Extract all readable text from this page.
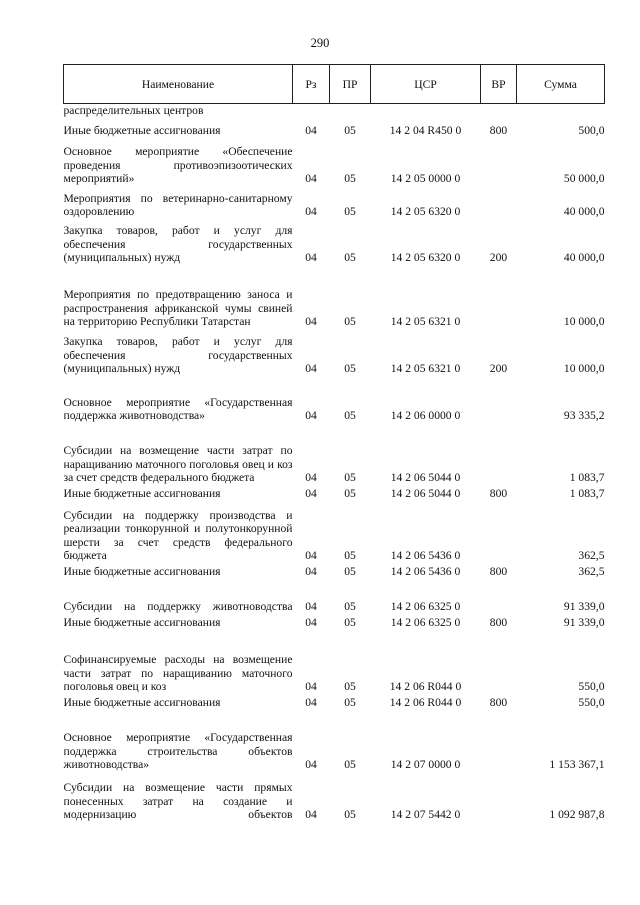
290
Наименование	Рз	ПР	ЦСР	ВР	Сумма
распределительных центров					
Иные бюджетные ассигнования	04	05	14 2 04 R450 0	800	500,0
Основное мероприятие «Обеспечение проведения противоэпизоотических мероприятий»	04	05	14 2 05 0000 0		50 000,0
Мероприятия по ветеринарно-санитарному оздоровлению	04	05	14 2 05 6320 0		40 000,0
Закупка товаров, работ и услуг для обеспечения государственных (муниципальных) нужд	04	05	14 2 05 6320 0	200	40 000,0
Мероприятия по предотвращению заноса и распространения африканской чумы свиней на территорию Республики Татарстан	04	05	14 2 05 6321 0		10 000,0
Закупка товаров, работ и услуг для обеспечения государственных (муниципальных) нужд	04	05	14 2 05 6321 0	200	10 000,0
Основное мероприятие «Государственная поддержка животноводства»	04	05	14 2 06 0000 0		93 335,2
Субсидии на возмещение части затрат по наращиванию маточного поголовья овец и коз за счет средств федерального бюджета	04	05	14 2 06 5044 0		1 083,7
Иные бюджетные ассигнования	04	05	14 2 06 5044 0	800	1 083,7
Субсидии на поддержку производства и реализации тонкорунной и полутонкорунной шерсти за счет средств федерального бюджета	04	05	14 2 06 5436 0		362,5
Иные бюджетные ассигнования	04	05	14 2 06 5436 0	800	362,5
Субсидии на поддержку животноводства	04	05	14 2 06 6325 0		91 339,0
Иные бюджетные ассигнования	04	05	14 2 06 6325 0	800	91 339,0
Софинансируемые расходы на возмещение части затрат по наращиванию маточного поголовья овец и коз	04	05	14 2 06 R044 0		550,0
Иные бюджетные ассигнования	04	05	14 2 06 R044 0	800	550,0
Основное мероприятие «Государственная поддержка строительства объектов животноводства»	04	05	14 2 07 0000 0		1 153 367,1
Субсидии на возмещение части прямых понесенных затрат на создание и модернизацию объектов	04	05	14 2 07 5442 0		1 092 987,8
